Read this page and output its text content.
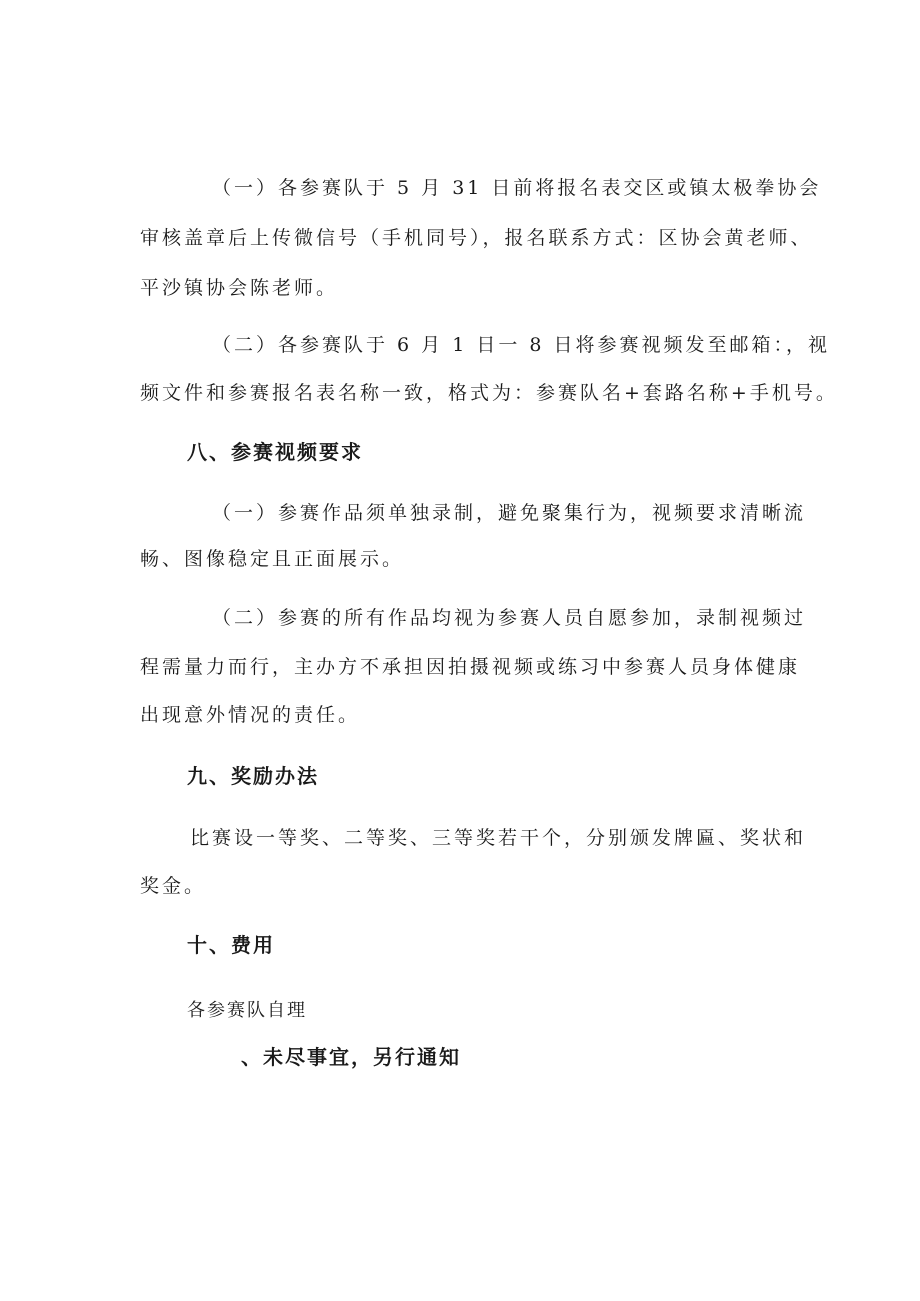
（一）各参赛队于 5 月 31 日前将报名表交区或镇太极拳协会

审核盖章后上传微信号（手机同号），报名联系方式：区协会黄老师、

平沙镇协会陈老师。

（二）各参赛队于 6 月 1 日一 8 日将参赛视频发至邮箱：，视

频文件和参赛报名表名称一致，格式为：参赛队名+套路名称+手机号。

八、参赛视频要求

（一）参赛作品须单独录制，避免聚集行为，视频要求清晰流

畅、图像稳定且正面展示。

（二）参赛的所有作品均视为参赛人员自愿参加，录制视频过

程需量力而行，主办方不承担因拍摄视频或练习中参赛人员身体健康

出现意外情况的责任。

九、奖励办法

比赛设一等奖、二等奖、三等奖若干个，分别颁发牌匾、奖状和

奖金。

十、费用

各参赛队自理

、未尽事宜，另行通知
